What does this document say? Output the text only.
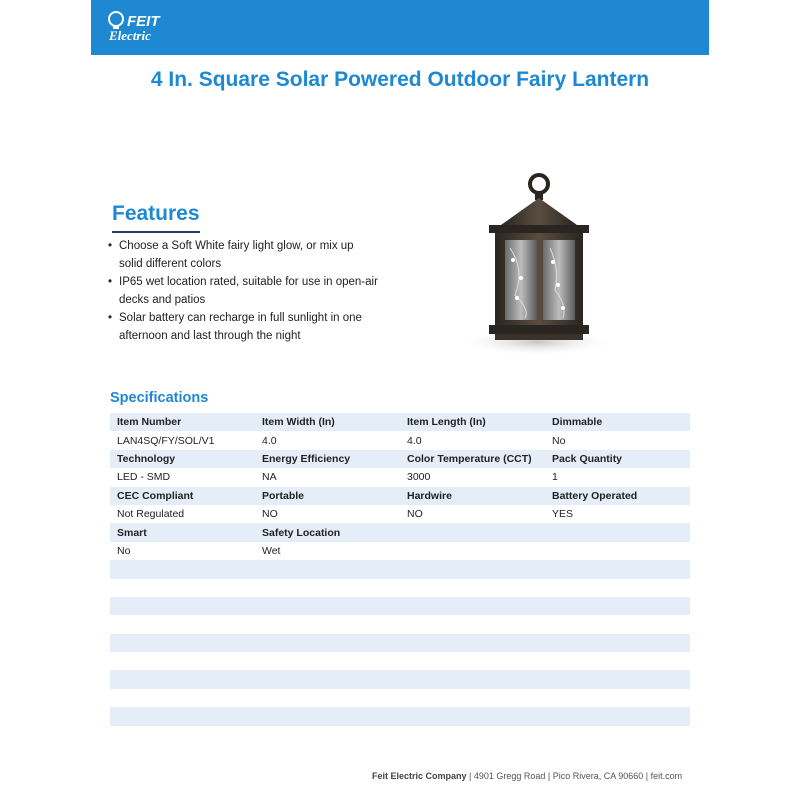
FEIT
Electric
4 In. Square Solar Powered Outdoor Fairy Lantern
Features
• Choose a Soft White fairy light glow, or mix up solid different colors
• IP65 wet location rated, suitable for use in open-air decks and patios
• Solar battery can recharge in full sunlight in one afternoon and last through the night
Specifications
Item Number	Item Width (In)	Item Length (In)	Dimmable
LAN4SQ/FY/SOL/V1	4.0	4.0	No
Technology	Energy Efficiency	Color Temperature (CCT)	Pack Quantity
LED - SMD	NA	3000	1
CEC Compliant	Portable	Hardwire	Battery Operated
Not Regulated	NO	NO	YES
Smart	Safety Location
No	Wet
Feit Electric Company | 4901 Gregg Road | Pico Rivera, CA 90660 | feit.com
